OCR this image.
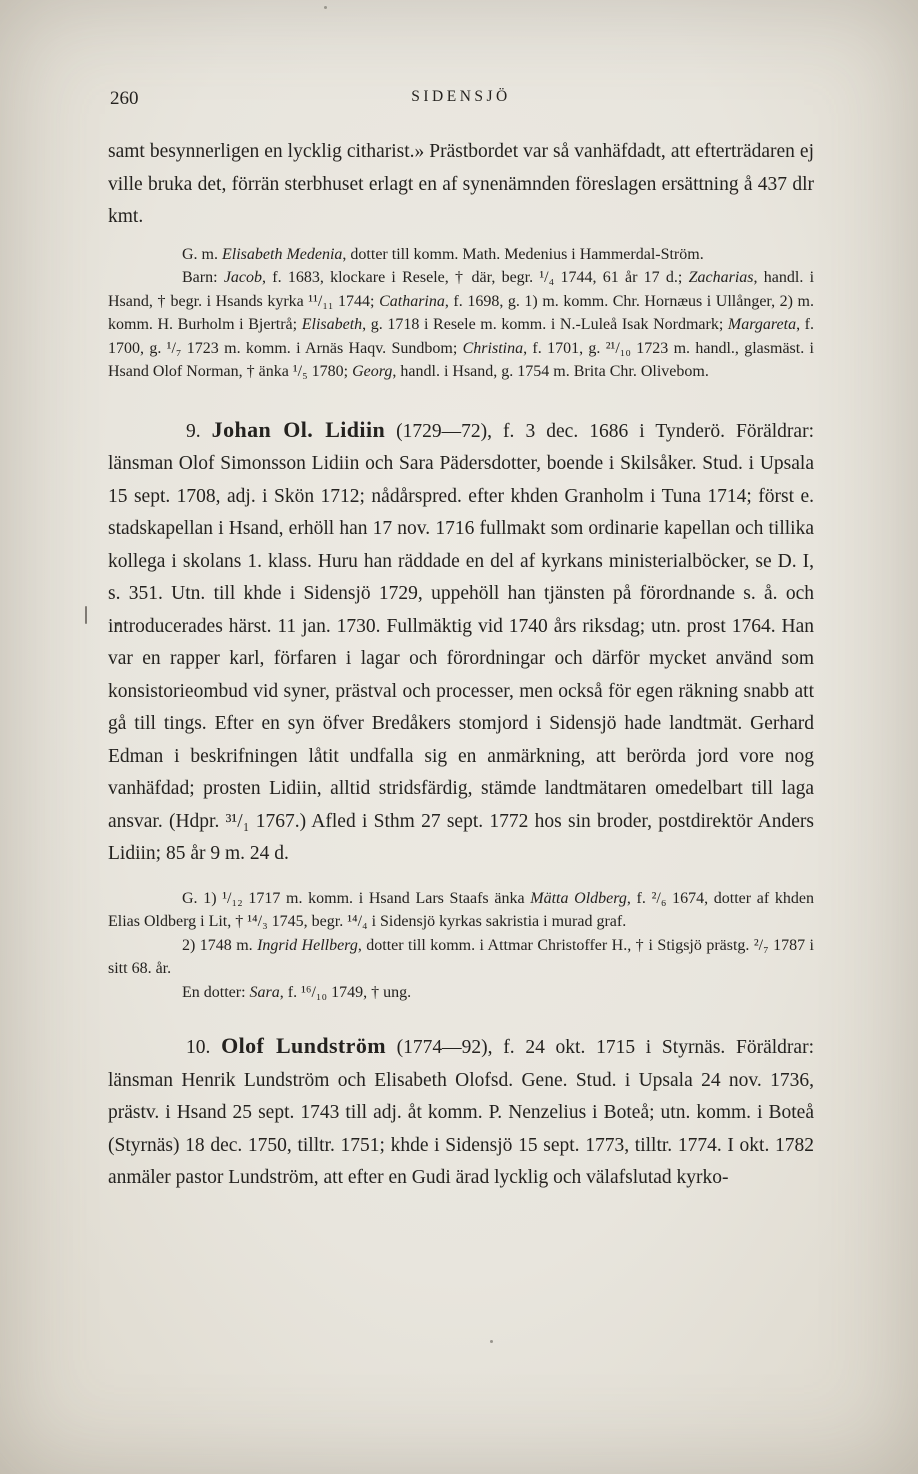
260	SIDENSJÖ

samt besynnerligen en lycklig citharist.» Prästbordet var så vanhäfdadt, att efterträdaren ej ville bruka det, förrän sterbhuset erlagt en af synenämnden föreslagen ersättning å 437 dlr kmt.

G. m. Elisabeth Medenia, dotter till komm. Math. Medenius i Hammerdal-Ström.

Barn: Jacob, f. 1683, klockare i Resele, † där, begr. ¹/₄ 1744, 61 år 17 d.; Zacharias, handl. i Hsand, † begr. i Hsands kyrka ¹¹/₁₁ 1744; Catharina, f. 1698, g. 1) m. komm. Chr. Hornæus i Ullånger, 2) m. komm. H. Burholm i Bjertrå; Elisabeth, g. 1718 i Resele m. komm. i N.-Luleå Isak Nordmark; Margareta, f. 1700, g. ¹/₇ 1723 m. komm. i Arnäs Haqv. Sundbom; Christina, f. 1701, g. ²¹/₁₀ 1723 m. handl., glasmäst. i Hsand Olof Norman, † änka ¹/₅ 1780; Georg, handl. i Hsand, g. 1754 m. Brita Chr. Olivebom.

9. Johan Ol. Lidiin (1729—72), f. 3 dec. 1686 i Tynderö. Föräldrar: länsman Olof Simonsson Lidiin och Sara Pädersdotter, boende i Skilsåker. Stud. i Upsala 15 sept. 1708, adj. i Skön 1712; nådårspred. efter khden Granholm i Tuna 1714; först e. stadskapellan i Hsand, erhöll han 17 nov. 1716 fullmakt som ordinarie kapellan och tillika kollega i skolans 1. klass. Huru han räddade en del af kyrkans ministerialböcker, se D. I, s. 351. Utn. till khde i Sidensjö 1729, uppehöll han tjänsten på förordnande s. å. och introducerades härst. 11 jan. 1730. Fullmäktig vid 1740 års riksdag; utn. prost 1764. Han var en rapper karl, förfaren i lagar och förordningar och därför mycket använd som konsistorieombud vid syner, prästval och processer, men också för egen räkning snabb att gå till tings. Efter en syn öfver Bredåkers stomjord i Sidensjö hade landtmät. Gerhard Edman i beskrifningen låtit undfalla sig en anmärkning, att berörda jord vore nog vanhäfdad; prosten Lidiin, alltid stridsfärdig, stämde landtmätaren omedelbart till laga ansvar. (Hdpr. ³¹/₁ 1767.) Afled i Sthm 27 sept. 1772 hos sin broder, postdirektör Anders Lidiin; 85 år 9 m. 24 d.

G. 1) ¹/₁₂ 1717 m. komm. i Hsand Lars Staafs änka Mätta Oldberg, f. ²/₆ 1674, dotter af khden Elias Oldberg i Lit, † ¹⁴/₃ 1745, begr. ¹⁴/₄ i Sidensjö kyrkas sakristia i murad graf.

2) 1748 m. Ingrid Hellberg, dotter till komm. i Attmar Christoffer H., † i Stigsjö prästg. ²/₇ 1787 i sitt 68. år.

En dotter: Sara, f. ¹⁶/₁₀ 1749, † ung.

10. Olof Lundström (1774—92), f. 24 okt. 1715 i Styrnäs. Föräldrar: länsman Henrik Lundström och Elisabeth Olofsd. Gene. Stud. i Upsala 24 nov. 1736, prästv. i Hsand 25 sept. 1743 till adj. åt komm. P. Nenzelius i Boteå; utn. komm. i Boteå (Styrnäs) 18 dec. 1750, tilltr. 1751; khde i Sidensjö 15 sept. 1773, tilltr. 1774. I okt. 1782 anmäler pastor Lundström, att efter en Gudi ärad lycklig och välafslutad kyrko-
